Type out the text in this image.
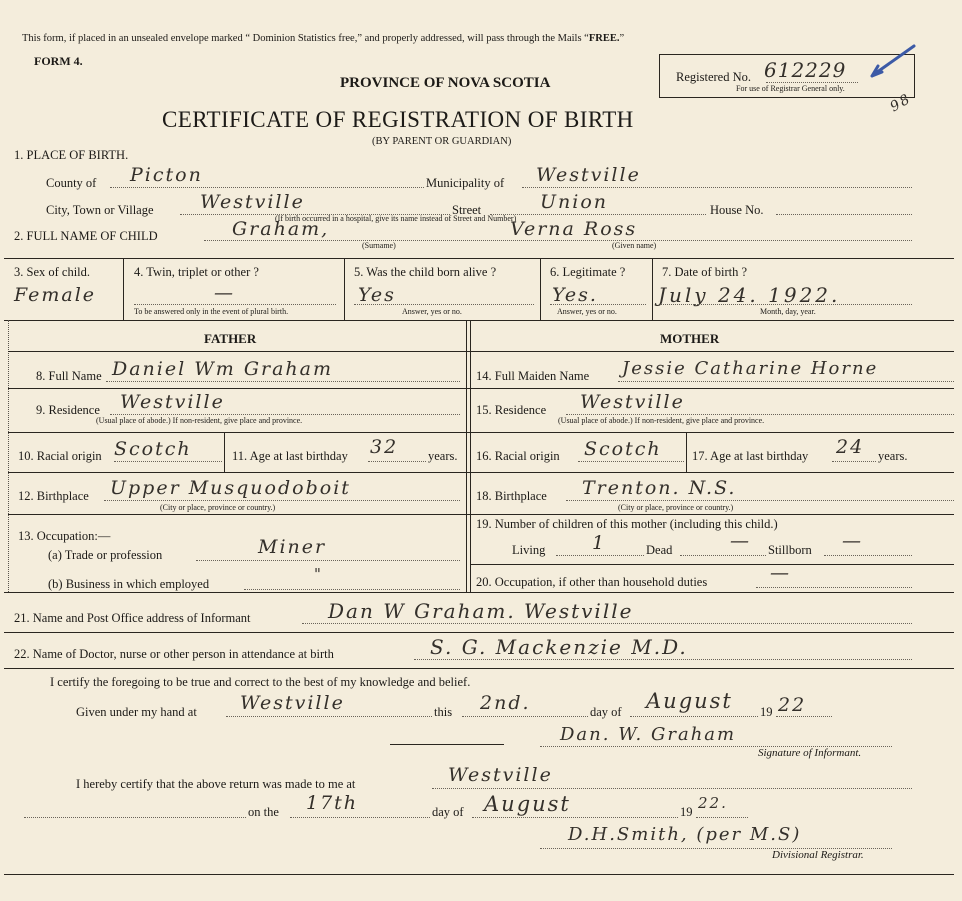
This form, if placed in an unsealed envelope marked “ Dominion Statistics free,” and properly addressed, will pass through the Mails “FREE.”
FORM 4.
PROVINCE OF NOVA SCOTIA
CERTIFICATE OF REGISTRATION OF BIRTH
(BY PARENT OR GUARDIAN)
Registered No. 612229
For use of Registrar General only.
98
1. PLACE OF BIRTH.
County of Picton	Municipality of Westville
City, Town or Village Westville	Street	Union	House No.
(If birth occurred in a hospital, give its name instead of Street and Number)
2. FULL NAME OF CHILD	Graham,	Verna Ross
(Surname)	(Given name)
3. Sex of child.
Female
4. Twin, triplet or other ?
—
To be answered only in the event of plural birth.
5. Was the child born alive ?
Yes
Answer, yes or no.
6. Legitimate ?
Yes.
Answer, yes or no.
7. Date of birth ?
July 24. 1922.
Month, day, year.
FATHER	MOTHER
8. Full Name Daniel Wm Graham	14. Full Maiden Name Jessie Catharine Horne
9. Residence Westville
(Usual place of abode.) If non-resident, give place and province.
15. Residence Westville
(Usual place of abode.) If non-resident, give place and province.
10. Racial origin Scotch	11. Age at last birthday 32 years. 16. Racial origin Scotch 17. Age at last birthday 24 years.
12. Birthplace Upper Musquodoboit
(City or place, province or country.)
18. Birthplace Trenton. N.S.
(City or place, province or country.)
13. Occupation:—
(a) Trade or profession	Miner
(b) Business in which employed
"
19. Number of children of this mother (including this child.)
Living 1	Dead	— Stillborn —
20. Occupation, if other than household duties	—
21. Name and Post Office address of Informant	Dan W Graham. Westville
22. Name of Doctor, nurse or other person in attendance at birth	S. G. Mackenzie M.D.
I certify the foregoing to be true and correct to the best of my knowledge and belief.
Given under my hand at Westville	this 2nd.	day of August 19 22
Dan. W. Graham
Signature of Informant.
I hereby certify that the above return was made to me at	Westville
on the 17th	day of August	19 22.
D.H.Smith, (per M.S)
Divisional Registrar.
